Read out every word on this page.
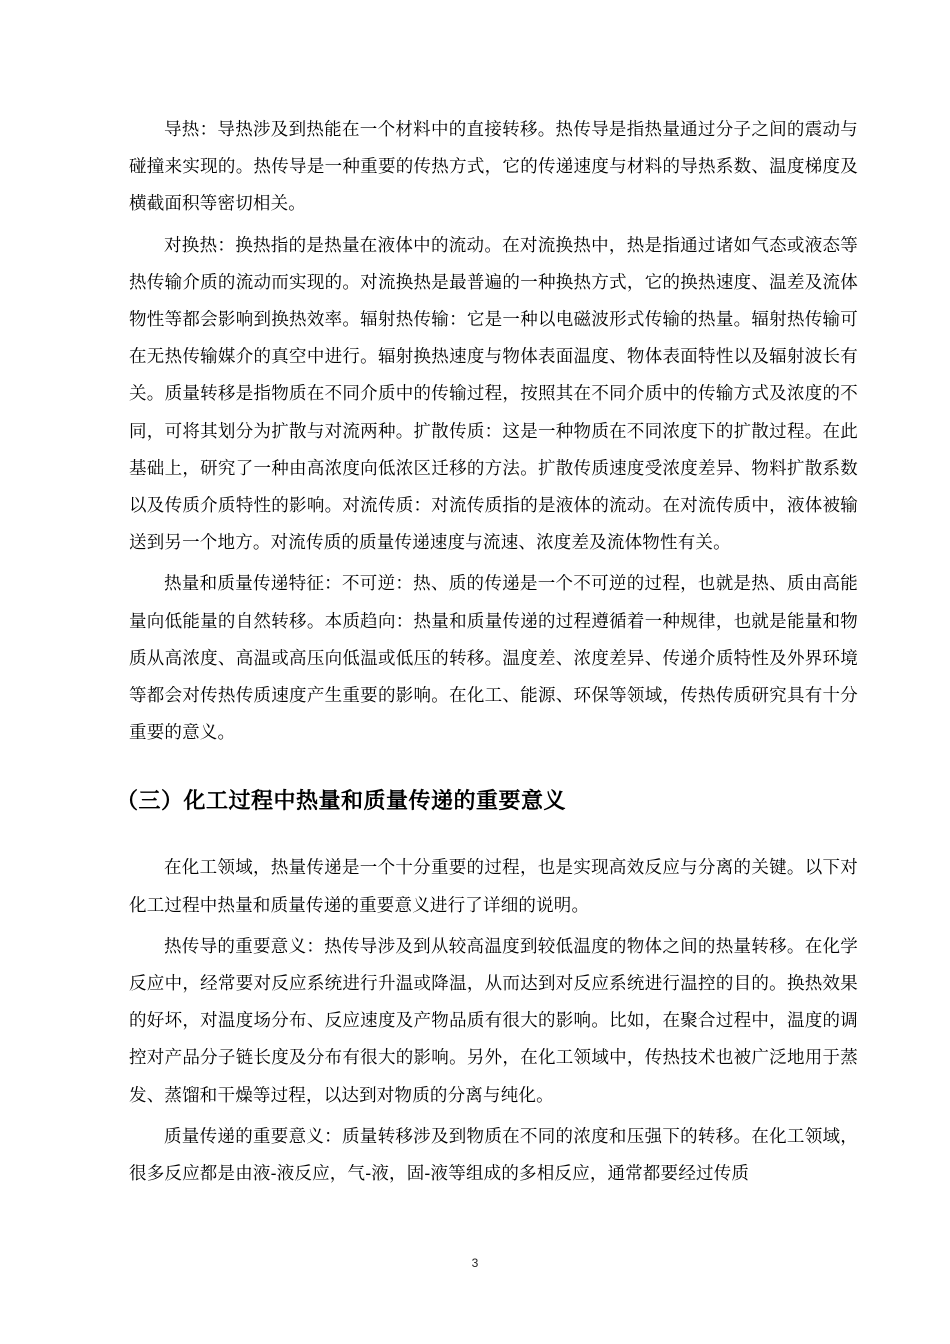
导热：导热涉及到热能在一个材料中的直接转移。热传导是指热量通过分子之间的震动与碰撞来实现的。热传导是一种重要的传热方式，它的传递速度与材料的导热系数、温度梯度及横截面积等密切相关。

对换热：换热指的是热量在液体中的流动。在对流换热中，热是指通过诸如气态或液态等热传输介质的流动而实现的。对流换热是最普遍的一种换热方式，它的换热速度、温差及流体物性等都会影响到换热效率。辐射热传输：它是一种以电磁波形式传输的热量。辐射热传输可在无热传输媒介的真空中进行。辐射换热速度与物体表面温度、物体表面特性以及辐射波长有关。质量转移是指物质在不同介质中的传输过程，按照其在不同介质中的传输方式及浓度的不同，可将其划分为扩散与对流两种。扩散传质：这是一种物质在不同浓度下的扩散过程。在此基础上，研究了一种由高浓度向低浓区迁移的方法。扩散传质速度受浓度差异、物料扩散系数以及传质介质特性的影响。对流传质：对流传质指的是液体的流动。在对流传质中，液体被输送到另一个地方。对流传质的质量传递速度与流速、浓度差及流体物性有关。

热量和质量传递特征：不可逆：热、质的传递是一个不可逆的过程，也就是热、质由高能量向低能量的自然转移。本质趋向：热量和质量传递的过程遵循着一种规律，也就是能量和物质从高浓度、高温或高压向低温或低压的转移。温度差、浓度差异、传递介质特性及外界环境等都会对传热传质速度产生重要的影响。在化工、能源、环保等领域，传热传质研究具有十分重要的意义。

（三）化工过程中热量和质量传递的重要意义

在化工领域，热量传递是一个十分重要的过程，也是实现高效反应与分离的关键。以下对化工过程中热量和质量传递的重要意义进行了详细的说明。

热传导的重要意义：热传导涉及到从较高温度到较低温度的物体之间的热量转移。在化学反应中，经常要对反应系统进行升温或降温，从而达到对反应系统进行温控的目的。换热效果的好坏，对温度场分布、反应速度及产物品质有很大的影响。比如，在聚合过程中，温度的调控对产品分子链长度及分布有很大的影响。另外，在化工领域中，传热技术也被广泛地用于蒸发、蒸馏和干燥等过程，以达到对物质的分离与纯化。

质量传递的重要意义：质量转移涉及到物质在不同的浓度和压强下的转移。在化工领域，很多反应都是由液-液反应，气-液，固-液等组成的多相反应，通常都要经过传质

3
